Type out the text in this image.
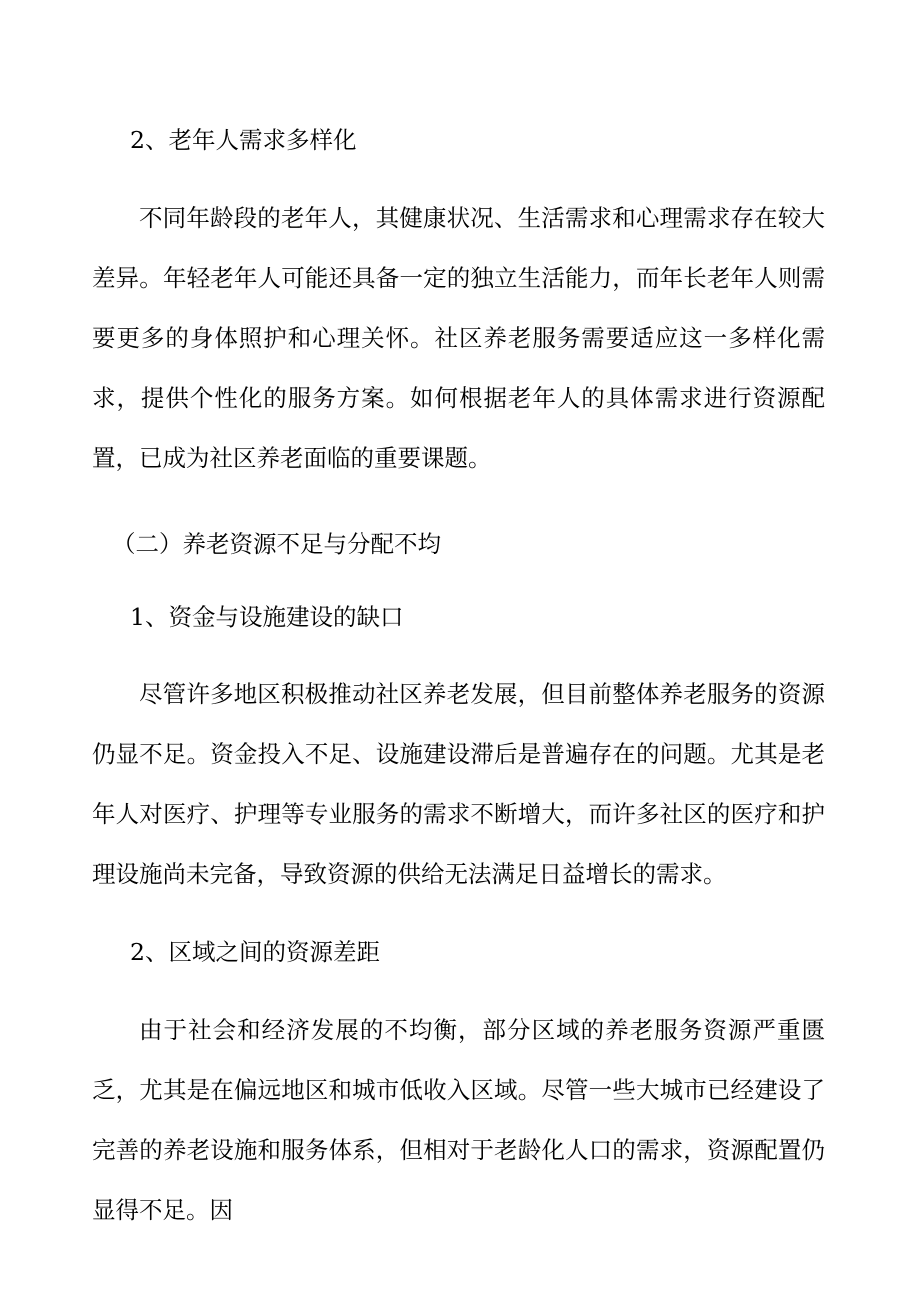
2、老年人需求多样化

不同年龄段的老年人，其健康状况、生活需求和心理需求存在较大差异。年轻老年人可能还具备一定的独立生活能力，而年长老年人则需要更多的身体照护和心理关怀。社区养老服务需要适应这一多样化需求，提供个性化的服务方案。如何根据老年人的具体需求进行资源配置，已成为社区养老面临的重要课题。

（二）养老资源不足与分配不均
1、资金与设施建设的缺口

尽管许多地区积极推动社区养老发展，但目前整体养老服务的资源仍显不足。资金投入不足、设施建设滞后是普遍存在的问题。尤其是老年人对医疗、护理等专业服务的需求不断增大，而许多社区的医疗和护理设施尚未完备，导致资源的供给无法满足日益增长的需求。

2、区域之间的资源差距

由于社会和经济发展的不均衡，部分区域的养老服务资源严重匮乏，尤其是在偏远地区和城市低收入区域。尽管一些大城市已经建设了完善的养老设施和服务体系，但相对于老龄化人口的需求，资源配置仍显得不足。因
